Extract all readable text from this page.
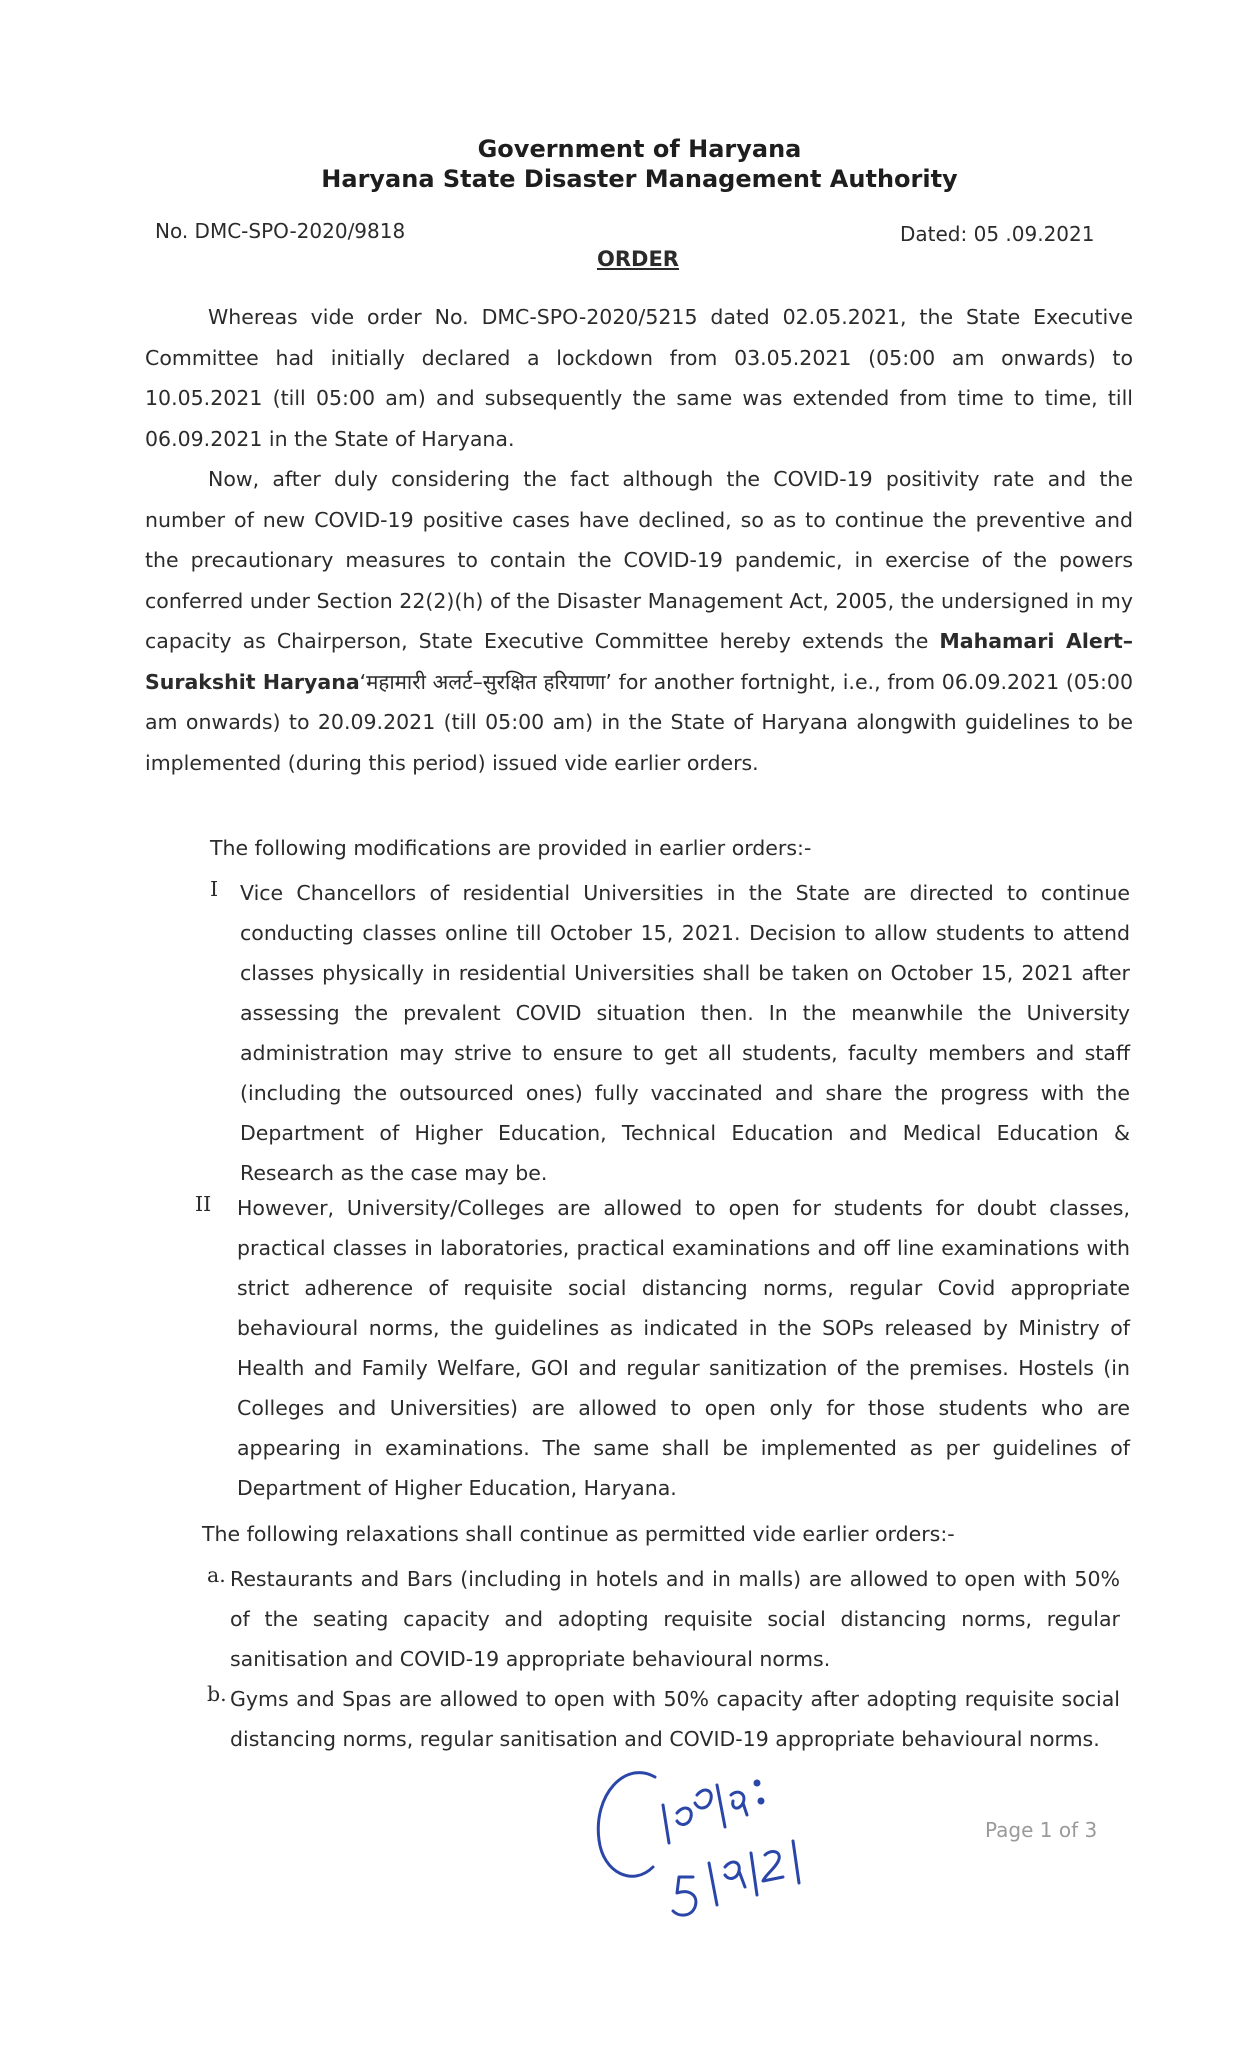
Government of Haryana
Haryana State Disaster Management Authority
No. DMC-SPO-2020/9818	Dated: 05 .09.2021
ORDER
Whereas vide order No. DMC-SPO-2020/5215 dated 02.05.2021, the State Executive Committee had initially declared a lockdown from 03.05.2021 (05:00 am onwards) to 10.05.2021 (till 05:00 am) and subsequently the same was extended from time to time, till 06.09.2021 in the State of Haryana.
Now, after duly considering the fact although the COVID-19 positivity rate and the number of new COVID-19 positive cases have declined, so as to continue the preventive and the precautionary measures to contain the COVID-19 pandemic, in exercise of the powers conferred under Section 22(2)(h) of the Disaster Management Act, 2005, the undersigned in my capacity as Chairperson, State Executive Committee hereby extends the Mahamari Alert–Surakshit Haryana‘महामारी अलर्ट–सुरक्षित हरियाणा’ for another fortnight, i.e., from 06.09.2021 (05:00 am onwards) to 20.09.2021 (till 05:00 am) in the State of Haryana alongwith guidelines to be implemented (during this period) issued vide earlier orders.
The following modifications are provided in earlier orders:-
I Vice Chancellors of residential Universities in the State are directed to continue conducting classes online till October 15, 2021. Decision to allow students to attend classes physically in residential Universities shall be taken on October 15, 2021 after assessing the prevalent COVID situation then. In the meanwhile the University administration may strive to ensure to get all students, faculty members and staff (including the outsourced ones) fully vaccinated and share the progress with the Department of Higher Education, Technical Education and Medical Education & Research as the case may be.
II However, University/Colleges are allowed to open for students for doubt classes, practical classes in laboratories, practical examinations and off line examinations with strict adherence of requisite social distancing norms, regular Covid appropriate behavioural norms, the guidelines as indicated in the SOPs released by Ministry of Health and Family Welfare, GOI and regular sanitization of the premises. Hostels (in Colleges and Universities) are allowed to open only for those students who are appearing in examinations. The same shall be implemented as per guidelines of Department of Higher Education, Haryana.
The following relaxations shall continue as permitted vide earlier orders:-
a. Restaurants and Bars (including in hotels and in malls) are allowed to open with 50% of the seating capacity and adopting requisite social distancing norms, regular sanitisation and COVID-19 appropriate behavioural norms.
b. Gyms and Spas are allowed to open with 50% capacity after adopting requisite social distancing norms, regular sanitisation and COVID-19 appropriate behavioural norms.
Page 1 of 3
